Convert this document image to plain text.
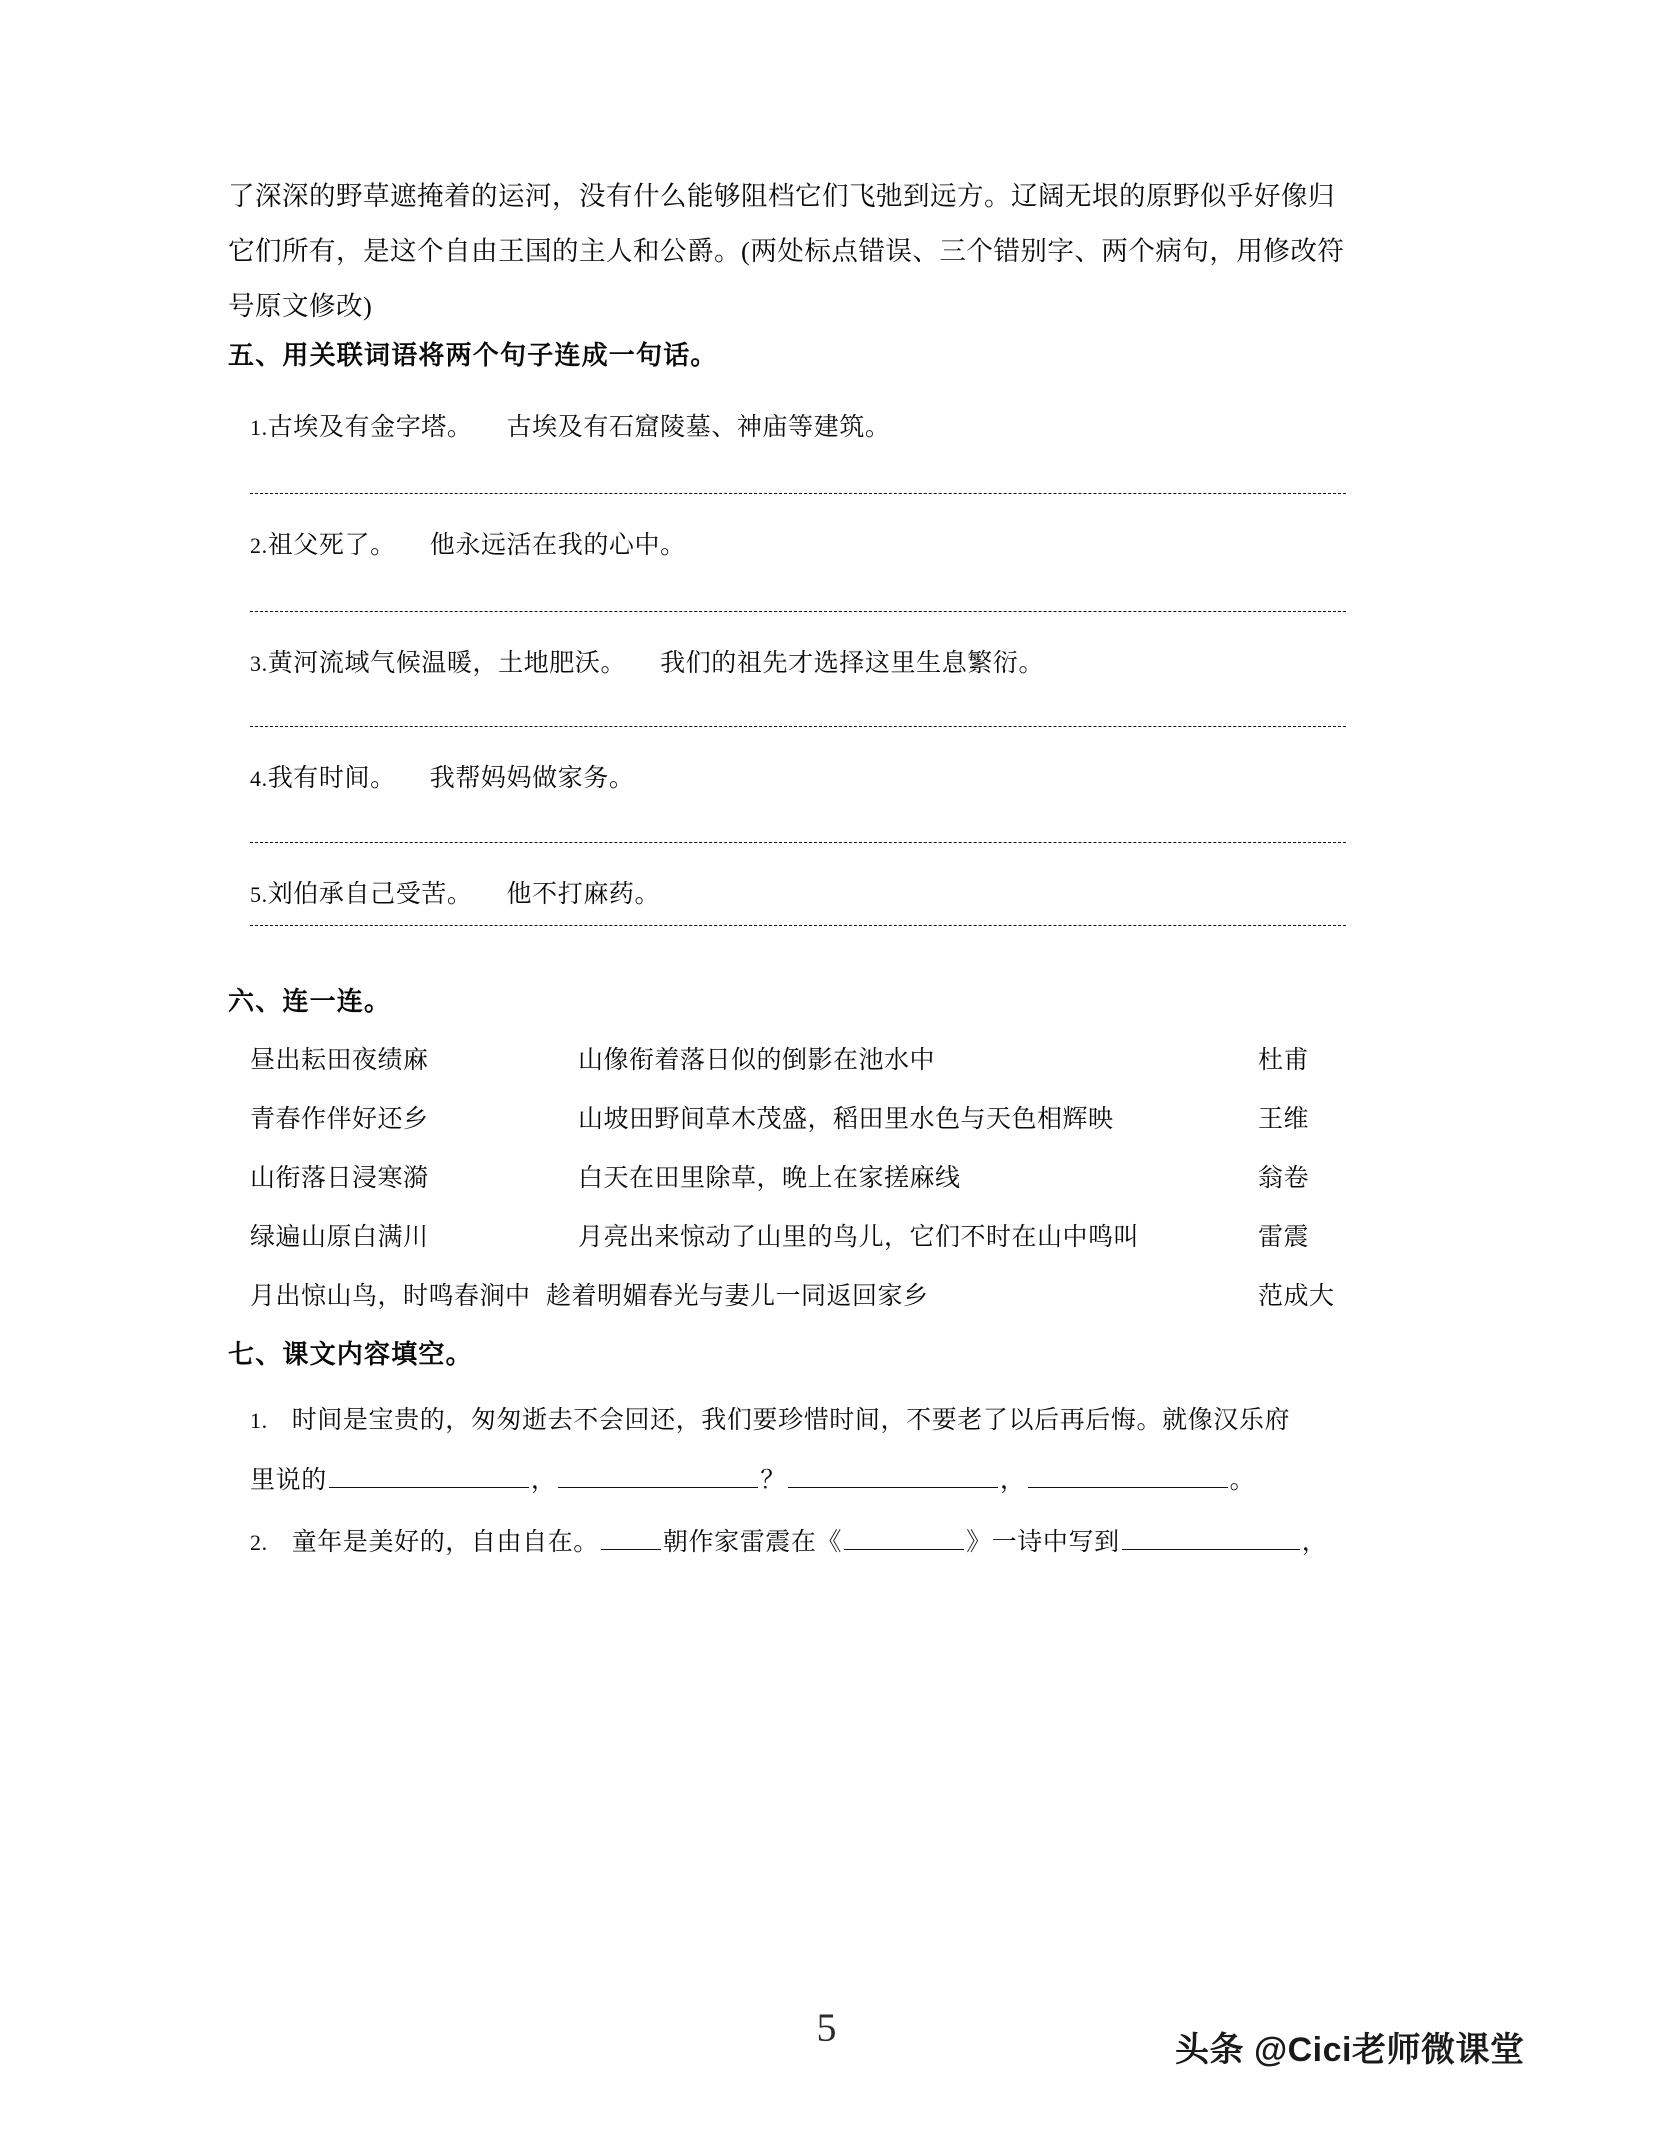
了深深的野草遮掩着的运河，没有什么能够阻档它们飞弛到远方。辽阔无垠的原野似乎好像归
它们所有，是这个自由王国的主人和公爵。(两处标点错误、三个错别字、两个病句，用修改符
号原文修改)
五、用关联词语将两个句子连成一句话。
1.古埃及有金字塔。 古埃及有石窟陵墓、神庙等建筑。
2.祖父死了。 他永远活在我的心中。
3.黄河流域气候温暖，土地肥沃。 我们的祖先才选择这里生息繁衍。
4.我有时间。 我帮妈妈做家务。
5.刘伯承自己受苦。 他不打麻药。
六、连一连。
昼出耘田夜绩麻	山像衔着落日似的倒影在池水中	杜甫
青春作伴好还乡	山坡田野间草木茂盛，稻田里水色与天色相辉映	王维
山衔落日浸寒漪	白天在田里除草，晚上在家搓麻线	翁卷
绿遍山原白满川	月亮出来惊动了山里的鸟儿，它们不时在山中鸣叫	雷震
月出惊山鸟，时鸣春涧中 趁着明媚春光与妻儿一同返回家乡	范成大
七、课文内容填空。
1. 时间是宝贵的，匆匆逝去不会回还，我们要珍惜时间，不要老了以后再后悔。就像汉乐府
里说的	，	？	，	。
2. 童年是美好的，自由自在。	朝作家雷震在《	》一诗中写到	，
5	头条 @Cici老师微课堂
